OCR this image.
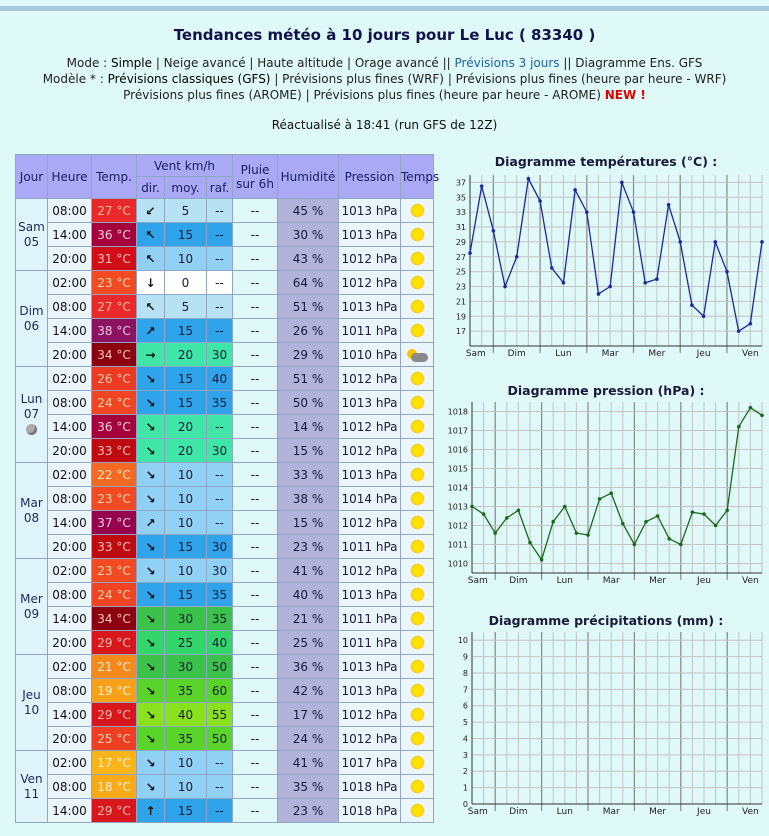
Tendances météo à 10 jours pour Le Luc ( 83340 )
Mode : Simple | Neige avancé | Haute altitude | Orage avancé || Prévisions 3 jours || Diagramme Ens. GFS
Modèle * : Prévisions classiques (GFS) | Prévisions plus fines (WRF) | Prévisions plus fines (heure par heure - WRF)
Prévisions plus fines (AROME) | Prévisions plus fines (heure par heure - AROME) NEW !
Réactualisé à 18:41 (run GFS de 12Z)
Jour	Heure	Temp.	Vent km/h			Pluie sur 6h	Humidité	Pression	Temps
			dir.	moy.	raf.				
Sam
05	08:00	27 °C	↙	5	--	--	45 %	1013 hPa	
	14:00	36 °C	↖	15	--	--	30 %	1013 hPa	
	20:00	31 °C	↖	10	--	--	43 %	1012 hPa	
Dim
06	02:00	23 °C	↓	0	--	--	64 %	1012 hPa	
	08:00	27 °C	↖	5	--	--	51 %	1013 hPa	
	14:00	38 °C	↗	15	--	--	26 %	1011 hPa	
	20:00	34 °C	→	20	30	--	29 %	1010 hPa	
Lun
07	02:00	26 °C	↘	15	40	--	51 %	1012 hPa	
	08:00	24 °C	↘	15	35	--	50 %	1013 hPa	
	14:00	36 °C	↘	20	--	--	14 %	1012 hPa	
	20:00	33 °C	↘	20	30	--	15 %	1012 hPa	
Mar
08	02:00	22 °C	↘	10	--	--	33 %	1013 hPa	
	08:00	23 °C	↘	10	--	--	38 %	1014 hPa	
	14:00	37 °C	↗	10	--	--	15 %	1012 hPa	
	20:00	33 °C	↘	15	30	--	23 %	1011 hPa	
Mer
09	02:00	23 °C	↘	10	30	--	41 %	1012 hPa	
	08:00	24 °C	↘	15	35	--	40 %	1013 hPa	
	14:00	34 °C	↘	30	35	--	21 %	1011 hPa	
	20:00	29 °C	↘	25	40	--	25 %	1011 hPa	
Jeu
10	02:00	21 °C	↘	30	50	--	36 %	1013 hPa	
	08:00	19 °C	↘	35	60	--	42 %	1013 hPa	
	14:00	29 °C	↘	40	55	--	17 %	1012 hPa	
	20:00	25 °C	↘	35	50	--	24 %	1012 hPa	
Ven
11	02:00	17 °C	↘	10	--	--	41 %	1017 hPa	
	08:00	18 °C	↘	10	--	--	35 %	1018 hPa	
	14:00	29 °C	↑	15	--	--	23 %	1018 hPa	
Diagramme températures (°C) :
17
19
21
23
25
27
29
31
33
35
37
Sam Dim	Lun	Mar	Mer	Jeu	Ven
Diagramme pression (hPa) :
1010
1011
1012
1013
1014
1015
1016
1017
1018
Sam Dim	Lun	Mar	Mer	Jeu	Ven
Diagramme précipitations (mm) :
0
1
2
3
4
5
6
7
8
9
10
Sam Dim	Lun	Mar	Mer	Jeu	Ven
